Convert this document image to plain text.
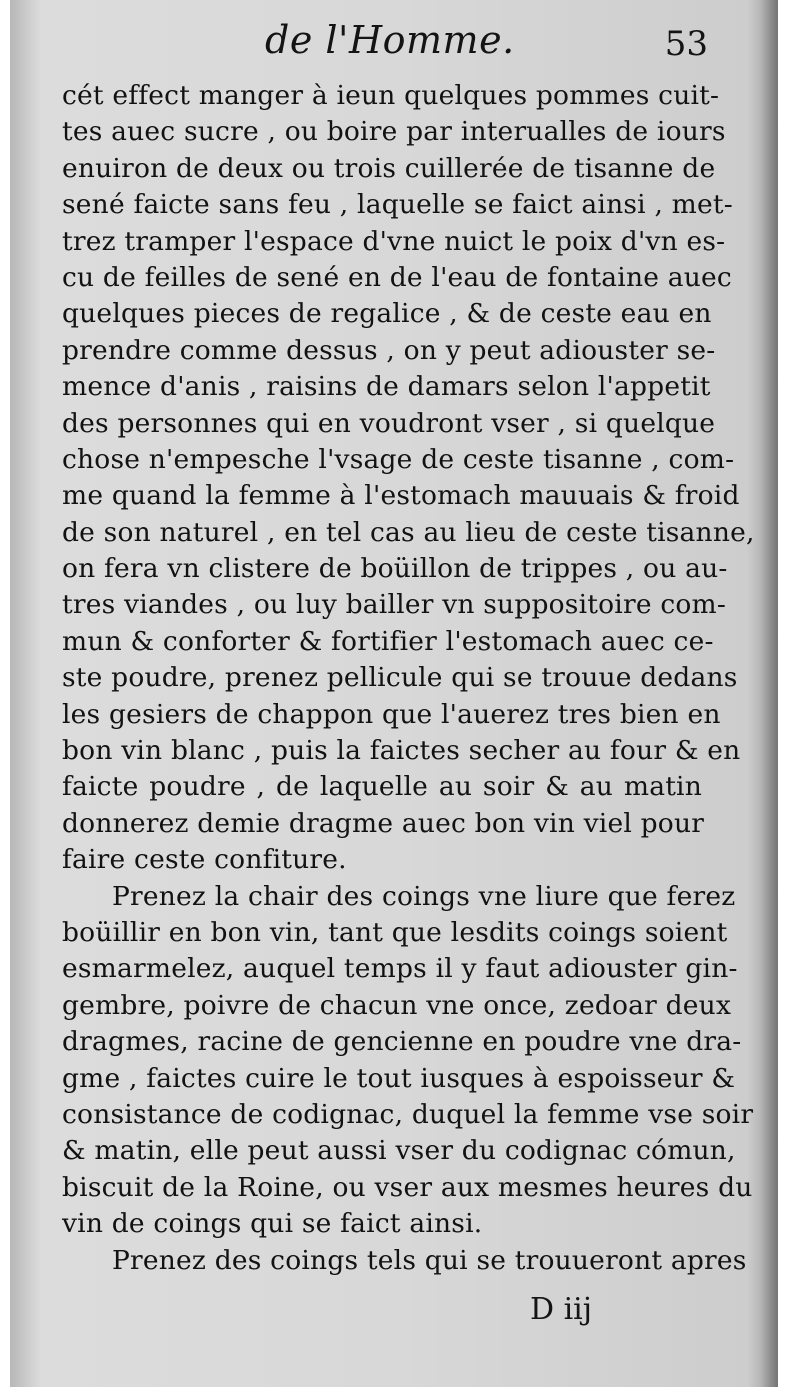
de l'Homme.	53
cét effect manger à ieun quelques pommes cuit-
tes auec sucre , ou boire par interualles de iours
enuiron de deux ou trois cuillerée de tisanne de
sené faicte sans feu , laquelle se faict ainsi , met-
trez tramper l'espace d'vne nuict le poix d'vn es-
cu de feilles de sené en de l'eau de fontaine auec
quelques pieces de regalice , & de ceste eau en
prendre comme dessus , on y peut adiouster se-
mence d'anis , raisins de damars selon l'appetit
des personnes qui en voudront vser , si quelque
chose n'empesche l'vsage de ceste tisanne , com-
me quand la femme à l'estomach mauuais & froid
de son naturel , en tel cas au lieu de ceste tisanne,
on fera vn clistere de boüillon de trippes , ou au-
tres viandes , ou luy bailler vn suppositoire com-
mun & conforter & fortifier l'estomach auec ce-
ste poudre, prenez pellicule qui se trouue dedans
les gesiers de chappon que l'auerez tres bien en
bon vin blanc , puis la faictes secher au four & en
faicte poudre , de laquelle au soir & au matin
donnerez demie dragme auec bon vin viel pour
faire ceste confiture.
Prenez la chair des coings vne liure que ferez
boüillir en bon vin, tant que lesdits coings soient
esmarmelez, auquel temps il y faut adiouster gin-
gembre, poivre de chacun vne once, zedoar deux
dragmes, racine de gencienne en poudre vne dra-
gme , faictes cuire le tout iusques à espoisseur &
consistance de codignac, duquel la femme vse soir
& matin, elle peut aussi vser du codignac cómun,
biscuit de la Roine, ou vser aux mesmes heures du
vin de coings qui se faict ainsi.
Prenez des coings tels qui se trouueront apres
D iij
